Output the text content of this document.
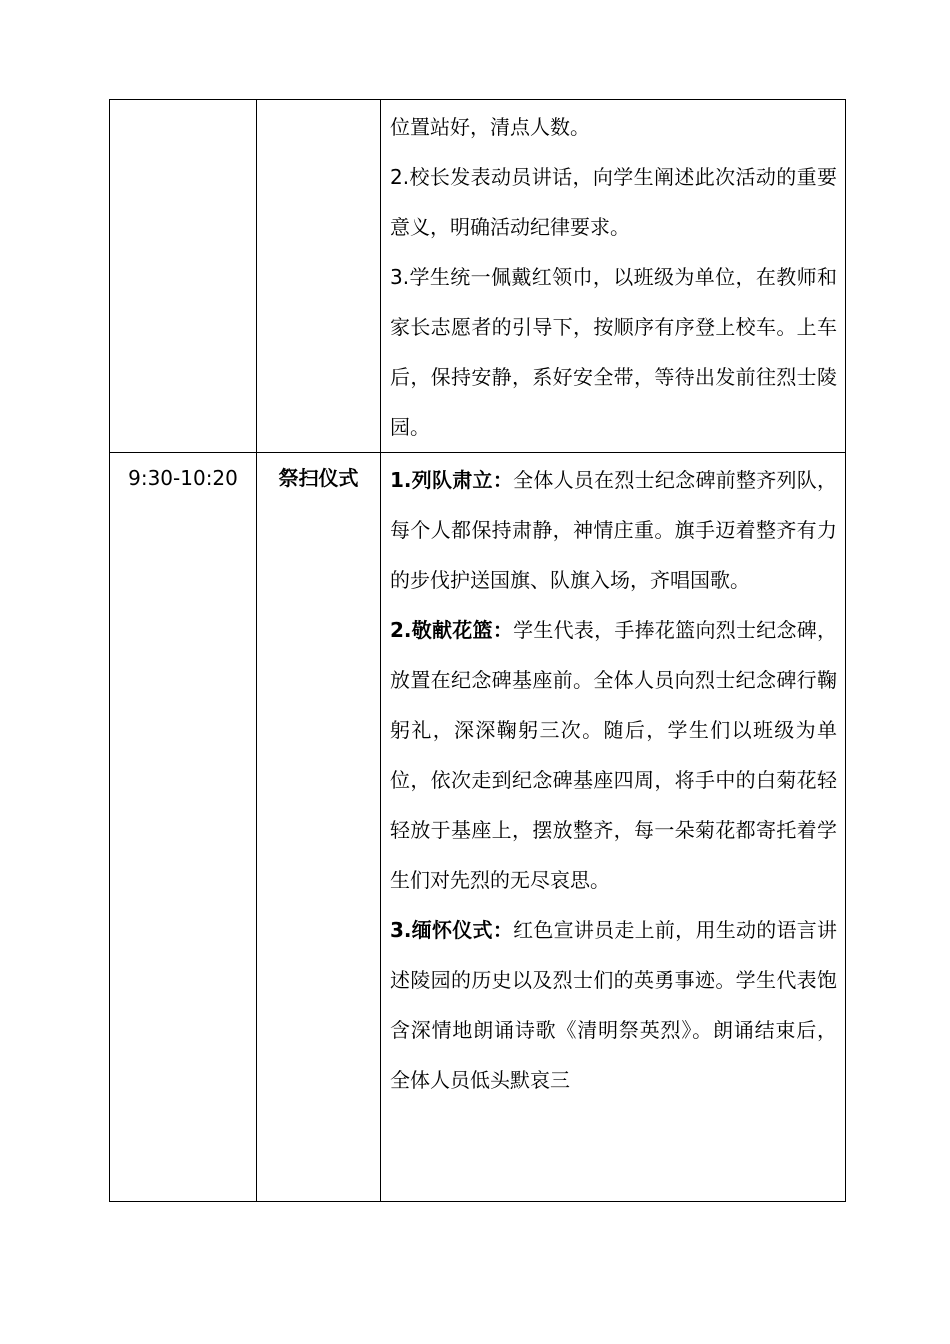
		位置站好，清点人数。

2.校长发表动员讲话，向学生阐述此次活动的重要意义，明确活动纪律要求。

3.学生统一佩戴红领巾，以班级为单位，在教师和家长志愿者的引导下，按顺序有序登上校车。上车后，保持安静，系好安全带，等待出发前往烈士陵园。

9:30-10:20	祭扫仪式	1.列队肃立：全体人员在烈士纪念碑前整齐列队，每个人都保持肃静，神情庄重。旗手迈着整齐有力的步伐护送国旗、队旗入场，齐唱国歌。

2.敬献花篮：学生代表，手捧花篮向烈士纪念碑，放置在纪念碑基座前。全体人员向烈士纪念碑行鞠躬礼，深深鞠躬三次。随后，学生们以班级为单位，依次走到纪念碑基座四周，将手中的白菊花轻轻放于基座上，摆放整齐，每一朵菊花都寄托着学生们对先烈的无尽哀思。

3.缅怀仪式：红色宣讲员走上前，用生动的语言讲述陵园的历史以及烈士们的英勇事迹。学生代表饱含深情地朗诵诗歌《清明祭英烈》。朗诵结束后，全体人员低头默哀三
